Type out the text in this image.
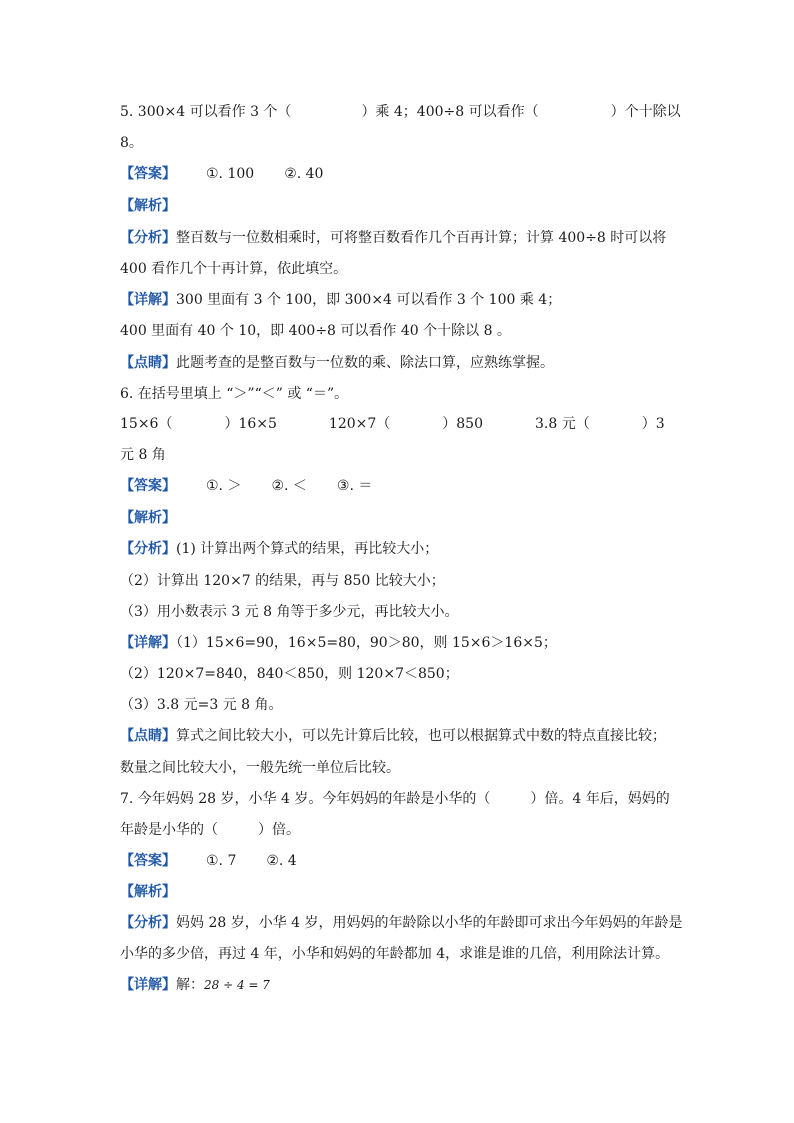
5. 300×4 可以看作 3 个（	）乘 4；400÷8 可以看作（	）个十除以
8。
【答案】 ①. 100 ②. 40
【解析】
【分析】整百数与一位数相乘时，可将整百数看作几个百再计算；计算 400÷8 时可以将
400 看作几个十再计算，依此填空。
【详解】300 里面有 3 个 100，即 300×4 可以看作 3 个 100 乘 4；
400 里面有 40 个 10，即 400÷8 可以看作 40 个十除以 8 。
【点睛】此题考查的是整百数与一位数的乘、除法口算，应熟练掌握。
6. 在括号里填上 “＞”“＜” 或 “＝”。
15×6（	）16×5	120×7（	）850	3.8 元（	）3
元 8 角
【答案】 ①. ＞ ②. ＜ ③. ＝
【解析】
【分析】(1) 计算出两个算式的结果，再比较大小；
（2）计算出 120×7 的结果，再与 850 比较大小；
（3）用小数表示 3 元 8 角等于多少元，再比较大小。
【详解】（1）15×6=90，16×5=80，90＞80，则 15×6＞16×5；
（2）120×7=840，840＜850，则 120×7＜850；
（3）3.8 元=3 元 8 角。
【点睛】算式之间比较大小，可以先计算后比较，也可以根据算式中数的特点直接比较；
数量之间比较大小，一般先统一单位后比较。
7. 今年妈妈 28 岁，小华 4 岁。今年妈妈的年龄是小华的（	）倍。4 年后，妈妈的
年龄是小华的（	）倍。
【答案】 ①. 7 ②. 4
【解析】
【分析】妈妈 28 岁，小华 4 岁，用妈妈的年龄除以小华的年龄即可求出今年妈妈的年龄是
小华的多少倍，再过 4 年，小华和妈妈的年龄都加 4，求谁是谁的几倍，利用除法计算。
【详解】解：28 ÷ 4 = 7
